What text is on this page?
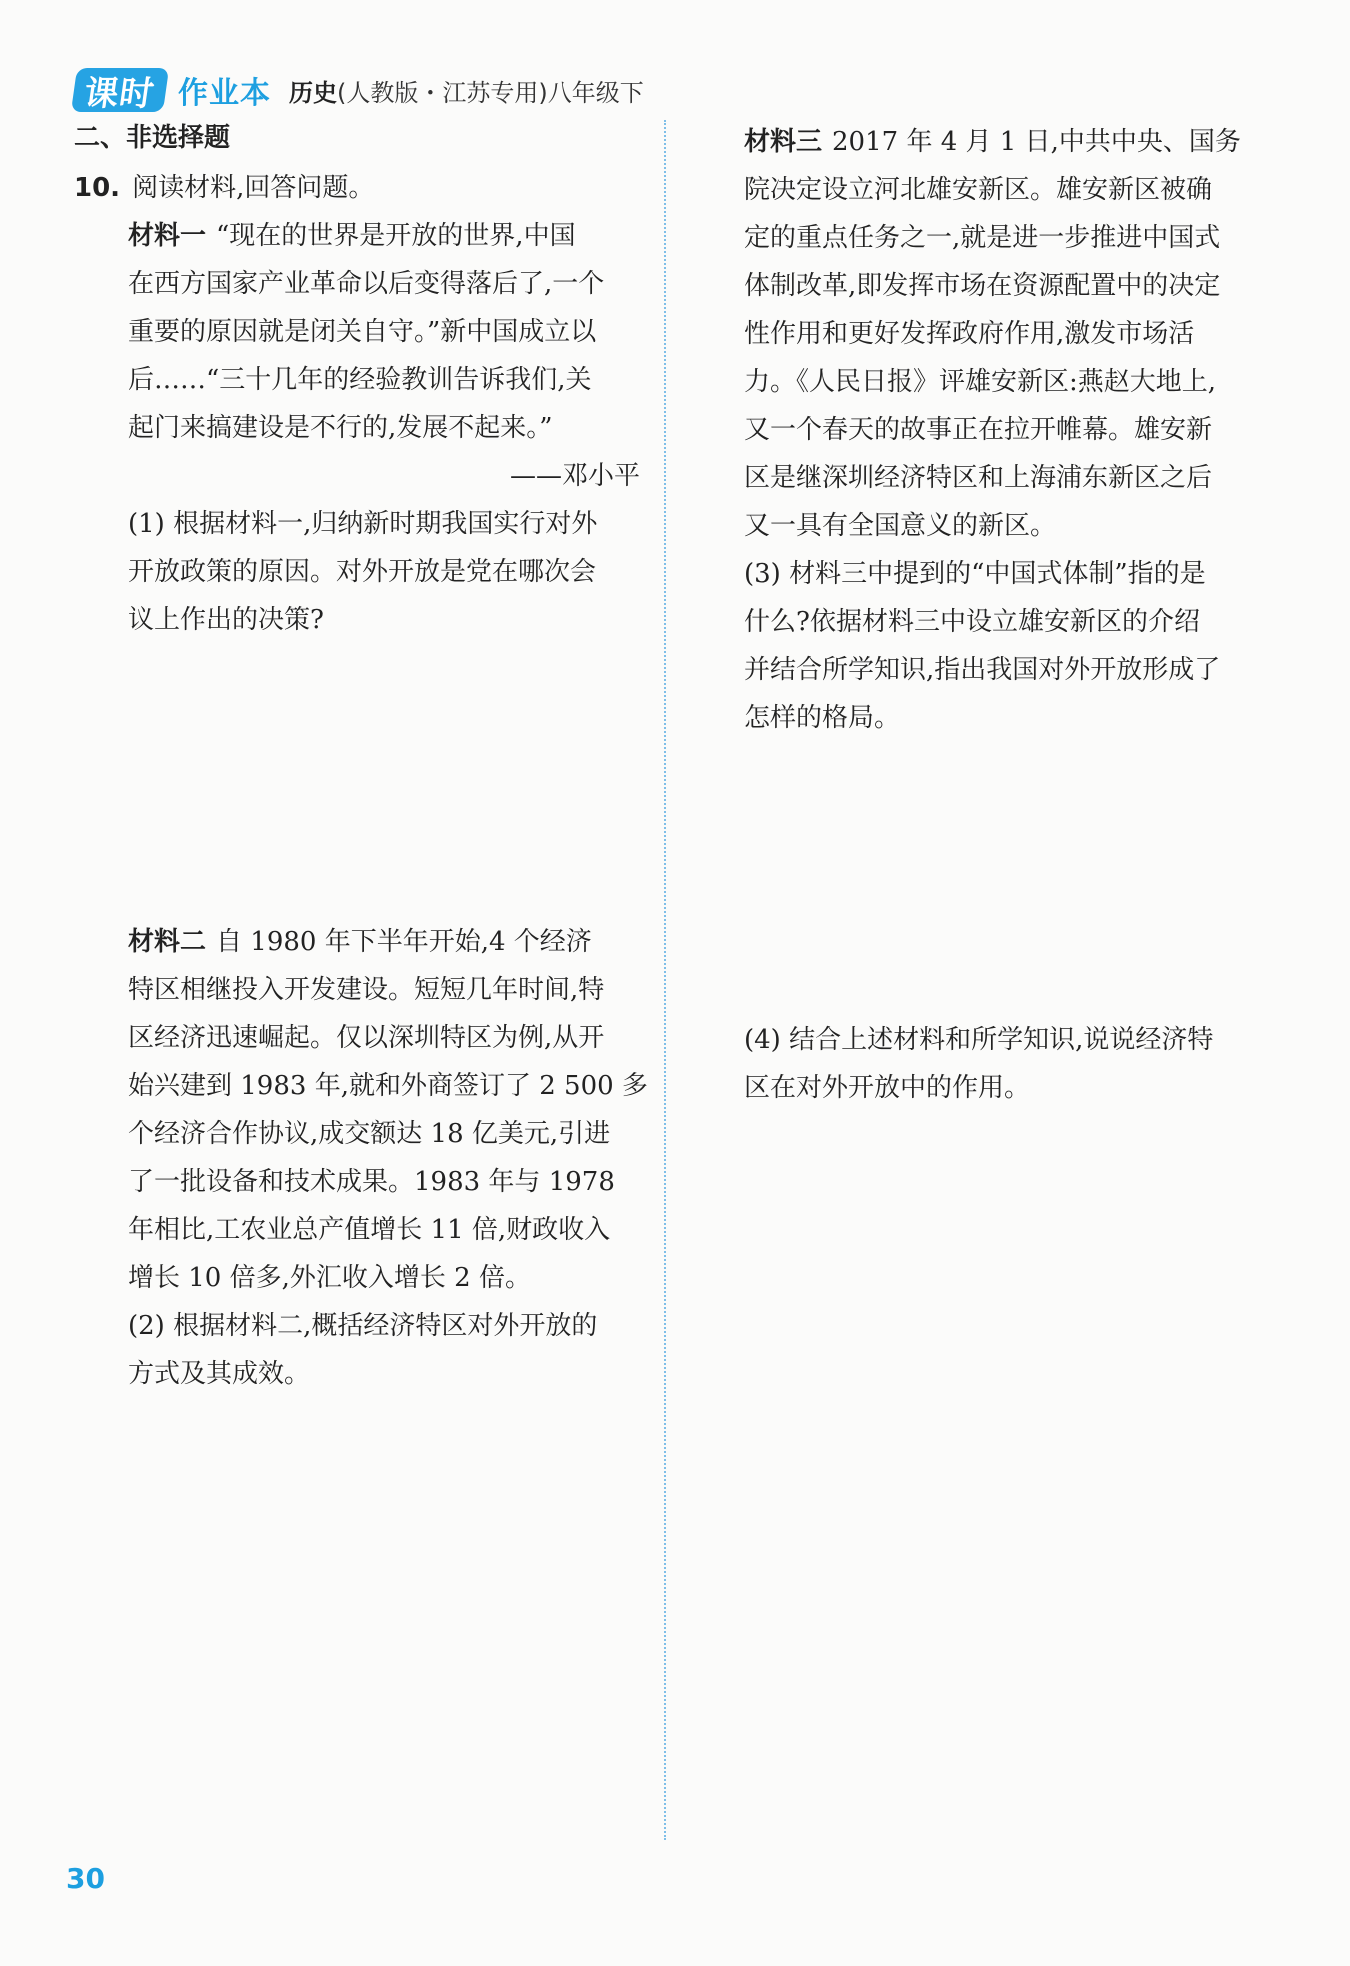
课时 作业本 历史(人教版・江苏专用)八年级下
二、非选择题
10. 阅读材料,回答问题。
材料一 “现在的世界是开放的世界,中国
在西方国家产业革命以后变得落后了,一个
重要的原因就是闭关自守。”新中国成立以
后……“三十几年的经验教训告诉我们,关
起门来搞建设是不行的,发展不起来。”
——邓小平
(1) 根据材料一,归纳新时期我国实行对外
开放政策的原因。对外开放是党在哪次会
议上作出的决策?
材料二 自 1980 年下半年开始,4 个经济
特区相继投入开发建设。短短几年时间,特
区经济迅速崛起。仅以深圳特区为例,从开
始兴建到 1983 年,就和外商签订了 2 500 多
个经济合作协议,成交额达 18 亿美元,引进
了一批设备和技术成果。1983 年与 1978
年相比,工农业总产值增长 11 倍,财政收入
增长 10 倍多,外汇收入增长 2 倍。
(2) 根据材料二,概括经济特区对外开放的
方式及其成效。
材料三 2017 年 4 月 1 日,中共中央、国务
院决定设立河北雄安新区。雄安新区被确
定的重点任务之一,就是进一步推进中国式
体制改革,即发挥市场在资源配置中的决定
性作用和更好发挥政府作用,激发市场活
力。《人民日报》评雄安新区:燕赵大地上,
又一个春天的故事正在拉开帷幕。雄安新
区是继深圳经济特区和上海浦东新区之后
又一具有全国意义的新区。
(3) 材料三中提到的“中国式体制”指的是
什么?依据材料三中设立雄安新区的介绍
并结合所学知识,指出我国对外开放形成了
怎样的格局。
(4) 结合上述材料和所学知识,说说经济特
区在对外开放中的作用。
30
